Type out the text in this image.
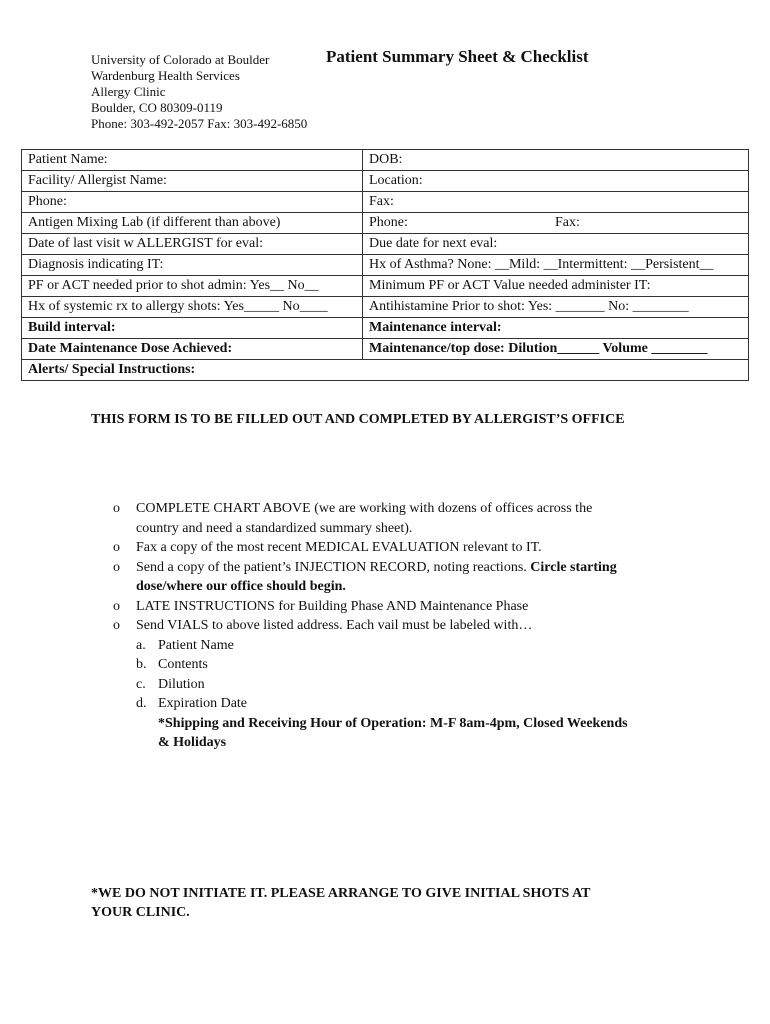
University of Colorado at Boulder
Wardenburg Health Services
Allergy Clinic
Boulder, CO 80309-0119
Phone: 303-492-2057 Fax: 303-492-6850
Patient Summary Sheet & Checklist
Patient Name:	DOB:
Facility/ Allergist Name:	Location:
Phone:	Fax:
Antigen Mixing Lab (if different than above)	Phone: Fax:

Date of last visit w ALLERGIST for eval:	Due date for next eval:
Diagnosis indicating IT:	Hx of Asthma? None: __Mild: __Intermittent: __Persistent__
PF or ACT needed prior to shot admin: Yes__ No__	Minimum PF or ACT Value needed administer IT:
Hx of systemic rx to allergy shots: Yes_____ No____	Antihistamine Prior to shot: Yes: _______ No: ________
Build interval:	Maintenance interval:
Date Maintenance Dose Achieved:	Maintenance/top dose: Dilution______ Volume ________
Alerts/ Special Instructions:	
THIS FORM IS TO BE FILLED OUT AND COMPLETED BY ALLERGIST’S OFFICE
o COMPLETE CHART ABOVE (we are working with dozens of offices across the
country and need a standardized summary sheet).
o Fax a copy of the most recent MEDICAL EVALUATION relevant to IT.
o Send a copy of the patient’s INJECTION RECORD, noting reactions. Circle starting
dose/where our office should begin.
o LATE INSTRUCTIONS for Building Phase AND Maintenance Phase
o Send VIALS to above listed address. Each vail must be labeled with…
a. Patient Name
b. Contents
c. Dilution
d. Expiration Date
*Shipping and Receiving Hour of Operation: M-F 8am-4pm, Closed Weekends
& Holidays
*WE DO NOT INITIATE IT. PLEASE ARRANGE TO GIVE INITIAL SHOTS AT
YOUR CLINIC.
